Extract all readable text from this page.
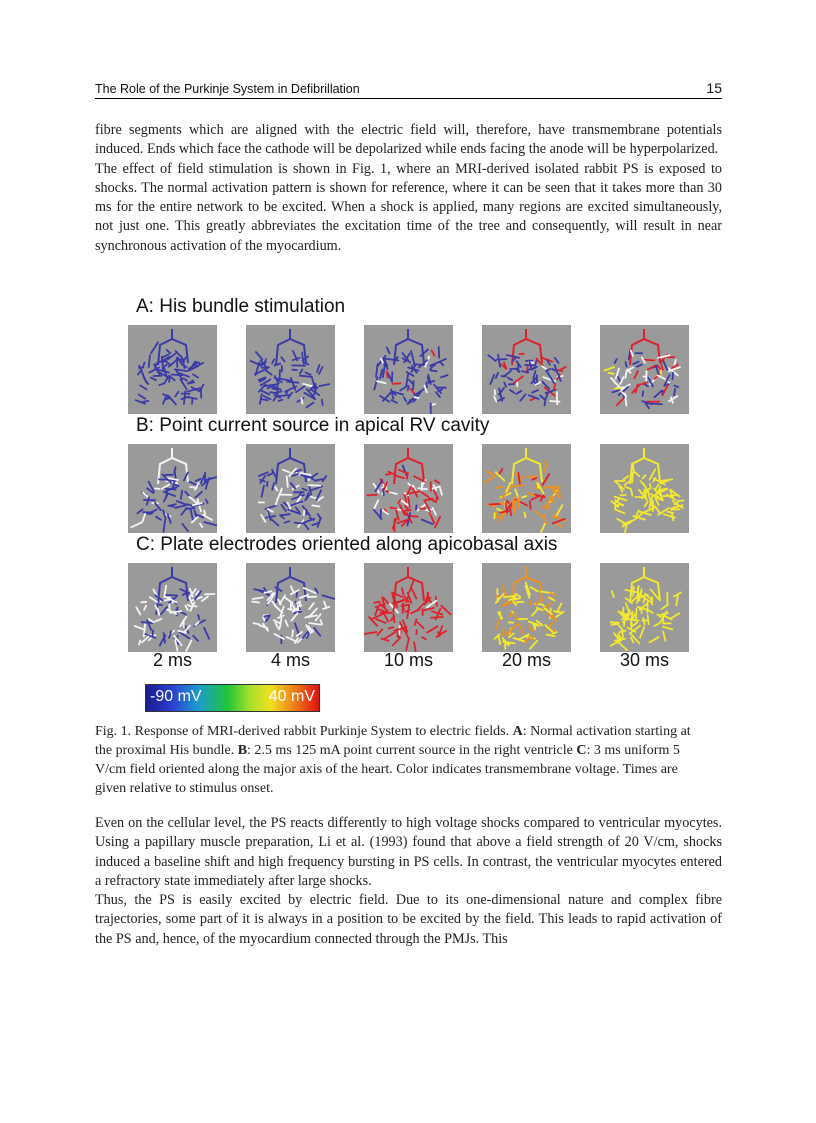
The Role of the Purkinje System in Defibrillation	15

fibre segments which are aligned with the electric field will, therefore, have transmembrane potentials induced. Ends which face the cathode will be depolarized while ends facing the anode will be hyperpolarized.

The effect of field stimulation is shown in Fig. 1, where an MRI-derived isolated rabbit PS is exposed to shocks. The normal activation pattern is shown for reference, where it can be seen that it takes more than 30 ms for the entire network to be excited. When a shock is applied, many regions are excited simultaneously, not just one. This greatly abbreviates the excitation time of the tree and consequently, will result in near synchronous activation of the myocardium.

A: His bundle stimulation
B: Point current source in apical RV cavity
C: Plate electrodes oriented along apicobasal axis
2 ms	4 ms	10 ms	20 ms	30 ms
-90 mV	40 mV
Fig. 1. Response of MRI-derived rabbit Purkinje System to electric fields. A: Normal activation starting at the proximal His bundle. B: 2.5 ms 125 mA point current source in the right ventricle C: 3 ms uniform 5 V/cm field oriented along the major axis of the heart. Color indicates transmembrane voltage. Times are given relative to stimulus onset.

Even on the cellular level, the PS reacts differently to high voltage shocks compared to ventricular myocytes. Using a papillary muscle preparation, Li et al. (1993) found that above a field strength of 20 V/cm, shocks induced a baseline shift and high frequency bursting in PS cells. In contrast, the ventricular myocytes entered a refractory state immediately after large shocks.

Thus, the PS is easily excited by electric field. Due to its one-dimensional nature and complex fibre trajectories, some part of it is always in a position to be excited by the field. This leads to rapid activation of the PS and, hence, of the myocardium connected through the PMJs. This
